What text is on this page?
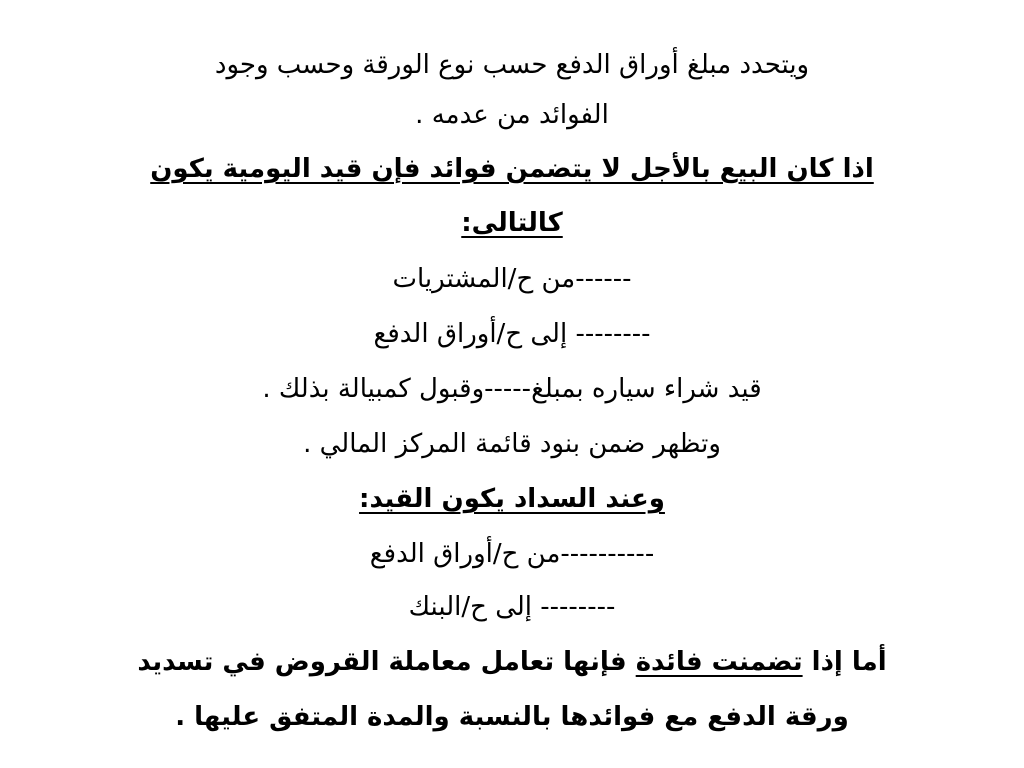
ويتحدد مبلغ أوراق الدفع حسب نوع الورقة وحسب وجود
الفوائد من عدمه .
اذا كان البيع بالأجل لا يتضمن فوائد فإن قيد اليومية يكون
كالتالى:
------من ح/المشتريات
-------- إلى ح/أوراق الدفع
قيد شراء سياره بمبلغ-----وقبول كمبيالة بذلك .
وتظهر ضمن بنود قائمة المركز المالي .
وعند السداد يكون القيد:
----------من ح/أوراق الدفع
-------- إلى ح/البنك
أما إذا تضمنت فائدة فإنها تعامل معاملة القروض في تسديد
ورقة الدفع مع فوائدها بالنسبة والمدة المتفق عليها .
